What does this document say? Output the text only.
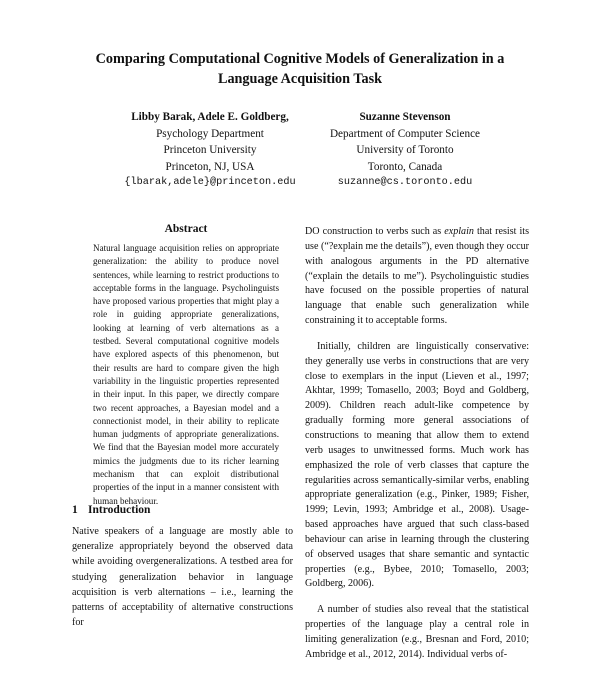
Comparing Computational Cognitive Models of Generalization in a
Language Acquisition Task
Libby Barak, Adele E. Goldberg,
Psychology Department
Princeton University
Princeton, NJ, USA
{lbarak,adele}@princeton.edu
Suzanne Stevenson
Department of Computer Science
University of Toronto
Toronto, Canada
suzanne@cs.toronto.edu
Abstract
Natural language acquisition relies on appropriate generalization: the ability to produce novel sentences, while learning to restrict productions to acceptable forms in the language. Psycholinguists have proposed various properties that might play a role in guiding appropriate generalizations, looking at learning of verb alternations as a testbed. Several computational cognitive models have explored aspects of this phenomenon, but their results are hard to compare given the high variability in the linguistic properties represented in their input. In this paper, we directly compare two recent approaches, a Bayesian model and a connectionist model, in their ability to replicate human judgments of appropriate generalizations. We find that the Bayesian model more accurately mimics the judgments due to its richer learning mechanism that can exploit distributional properties of the input in a manner consistent with human behaviour.
1 Introduction
Native speakers of a language are mostly able to generalize appropriately beyond the observed data while avoiding overgeneralizations. A testbed area for studying generalization behavior in language acquisition is verb alternations – i.e., learning the patterns of acceptability of alternative constructions for

DO construction to verbs such as explain that resist its use (“?explain me the details”), even though they occur with analogous arguments in the PD alternative (“explain the details to me”). Psycholinguistic studies have focused on the possible properties of natural language that enable such generalization while constraining it to acceptable forms.

Initially, children are linguistically conservative: they generally use verbs in constructions that are very close to exemplars in the input (Lieven et al., 1997; Akhtar, 1999; Tomasello, 2003; Boyd and Goldberg, 2009). Children reach adult-like competence by gradually forming more general associations of constructions to meaning that allow them to extend verb usages to unwitnessed forms. Much work has emphasized the role of verb classes that capture the regularities across semantically-similar verbs, enabling appropriate generalization (e.g., Pinker, 1989; Fisher, 1999; Levin, 1993; Ambridge et al., 2008). Usage-based approaches have argued that such class-based behaviour can arise in learning through the clustering of observed usages that share semantic and syntactic properties (e.g., Bybee, 2010; Tomasello, 2003; Goldberg, 2006).

A number of studies also reveal that the statistical properties of the language play a central role in limiting generalization (e.g., Bresnan and Ford, 2010; Ambridge et al., 2012, 2014). Individual verbs of-
